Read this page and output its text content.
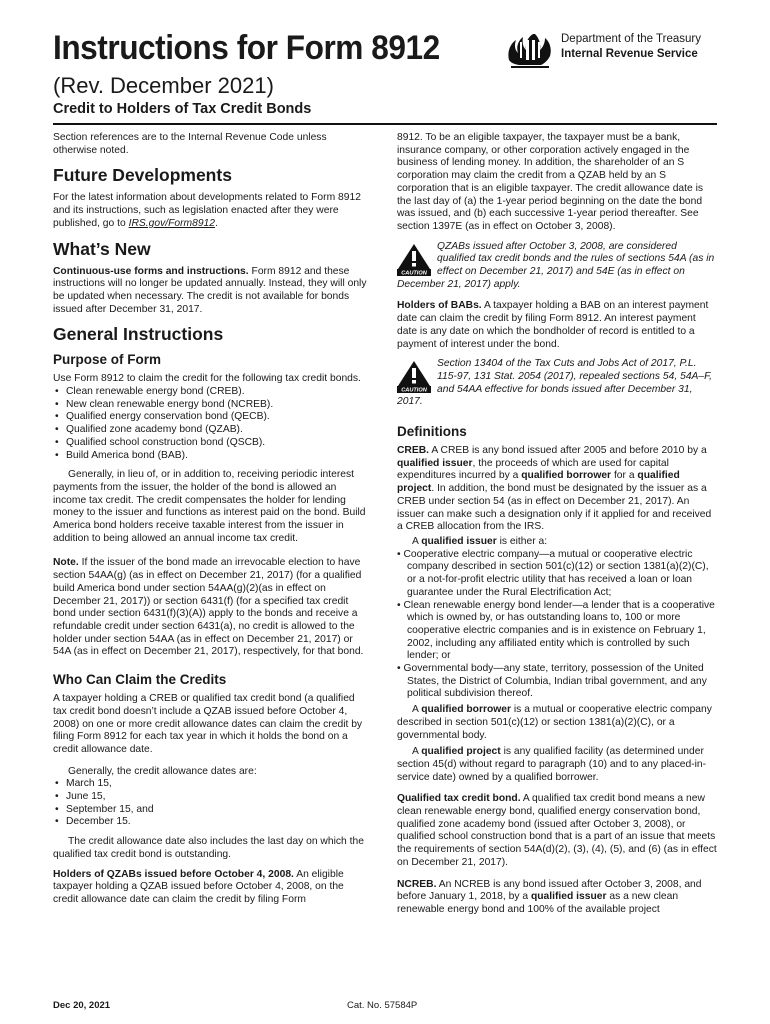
Instructions for Form 8912	Department of the Treasury
Internal Revenue Service
(Rev. December 2021)
Credit to Holders of Tax Credit Bonds

Section references are to the Internal Revenue Code unless otherwise noted.

Future Developments

For the latest information about developments related to Form 8912 and its instructions, such as legislation enacted after they were published, go to IRS.gov/Form8912.

What’s New

Continuous-use forms and instructions. Form 8912 and these instructions will no longer be updated annually. Instead, they will only be updated when necessary. The credit is not available for bonds issued after December 31, 2017.

General Instructions
Purpose of Form

Use Form 8912 to claim the credit for the following tax credit bonds.

• Clean renewable energy bond (CREB).
• New clean renewable energy bond (NCREB).
• Qualified energy conservation bond (QECB).
• Qualified zone academy bond (QZAB).
• Qualified school construction bond (QSCB).
• Build America bond (BAB).

Generally, in lieu of, or in addition to, receiving periodic interest payments from the issuer, the holder of the bond is allowed an income tax credit. The credit compensates the holder for lending money to the issuer and functions as interest paid on the bond. Build America bond holders receive taxable interest from the issuer in addition to being allowed an annual income tax credit.

Note. If the issuer of the bond made an irrevocable election to have section 54AA(g) (as in effect on December 21, 2017) (for a qualified build America bond under section 54AA(g)(2)(as in effect on December 21, 2017)) or section 6431(f) (for a specified tax credit bond under section 6431(f)(3)(A)) apply to the bonds and receive a refundable credit under section 6431(a), no credit is allowed to the holder under section 54AA (as in effect on December 21, 2017) or 54A (as in effect on December 21, 2017), respectively, for that bond.

Who Can Claim the Credits

A taxpayer holding a CREB or qualified tax credit bond (a qualified tax credit bond doesn’t include a QZAB issued before October 4, 2008) on one or more credit allowance dates can claim the credit by filing Form 8912 for each tax year in which it holds the bond on a credit allowance date.

Generally, the credit allowance dates are:

• March 15,
• June 15,
• September 15, and
• December 15.

The credit allowance date also includes the last day on which the qualified tax credit bond is outstanding.

Holders of QZABs issued before October 4, 2008. An eligible taxpayer holding a QZAB issued before October 4, 2008, on the credit allowance date can claim the credit by filing Form

8912. To be an eligible taxpayer, the taxpayer must be a bank, insurance company, or other corporation actively engaged in the business of lending money. In addition, the shareholder of an S corporation may claim the credit from a QZAB held by an S corporation that is an eligible taxpayer. The credit allowance date is the last day of (a) the 1-year period beginning on the date the bond was issued, and (b) each successive 1-year period thereafter. See section 1397E (as in effect on October 3, 2008).

CAUTION
QZABs issued after October 3, 2008, are considered qualified tax credit bonds and the rules of sections 54A (as in effect on December 21, 2017) and 54E (as in effect on December 21, 2017) apply.

Holders of BABs. A taxpayer holding a BAB on an interest payment date can claim the credit by filing Form 8912. An interest payment date is any date on which the bondholder of record is entitled to a payment of interest under the bond.

CAUTION
Section 13404 of the Tax Cuts and Jobs Act of 2017, P.L. 115-97, 131 Stat. 2054 (2017), repealed sections 54, 54A–F, and 54AA effective for bonds issued after December 31, 2017.
Definitions

CREB. A CREB is any bond issued after 2005 and before 2010 by a qualified issuer, the proceeds of which are used for capital expenditures incurred by a qualified borrower for a qualified project. In addition, the bond must be designated by the issuer as a CREB under section 54 (as in effect on December 21, 2017). An issuer can make such a designation only if it applied for and received a CREB allocation from the IRS.

A qualified issuer is either a:

• Cooperative electric company—a mutual or cooperative electric company described in section 501(c)(12) or section 1381(a)(2)(C), or a not-for-profit electric utility that has received a loan or loan guarantee under the Rural Electrification Act;

• Clean renewable energy bond lender—a lender that is a cooperative which is owned by, or has outstanding loans to, 100 or more cooperative electric companies and is in existence on February 1, 2002, including any affiliated entity which is controlled by such lender; or

• Governmental body—any state, territory, possession of the United States, the District of Columbia, Indian tribal government, and any political subdivision thereof.

A qualified borrower is a mutual or cooperative electric company described in section 501(c)(12) or section 1381(a)(2)(C), or a governmental body.

A qualified project is any qualified facility (as determined under section 45(d) without regard to paragraph (10) and to any placed-in-service date) owned by a qualified borrower.

Qualified tax credit bond. A qualified tax credit bond means a new clean renewable energy bond, qualified energy conservation bond, qualified zone academy bond (issued after October 3, 2008), or qualified school construction bond that is a part of an issue that meets the requirements of section 54A(d)(2), (3), (4), (5), and (6) (as in effect on December 21, 2017).

NCREB. An NCREB is any bond issued after October 3, 2008, and before January 1, 2018, by a qualified issuer as a new clean renewable energy bond and 100% of the available project

Dec 20, 2021	Cat. No. 57584P
